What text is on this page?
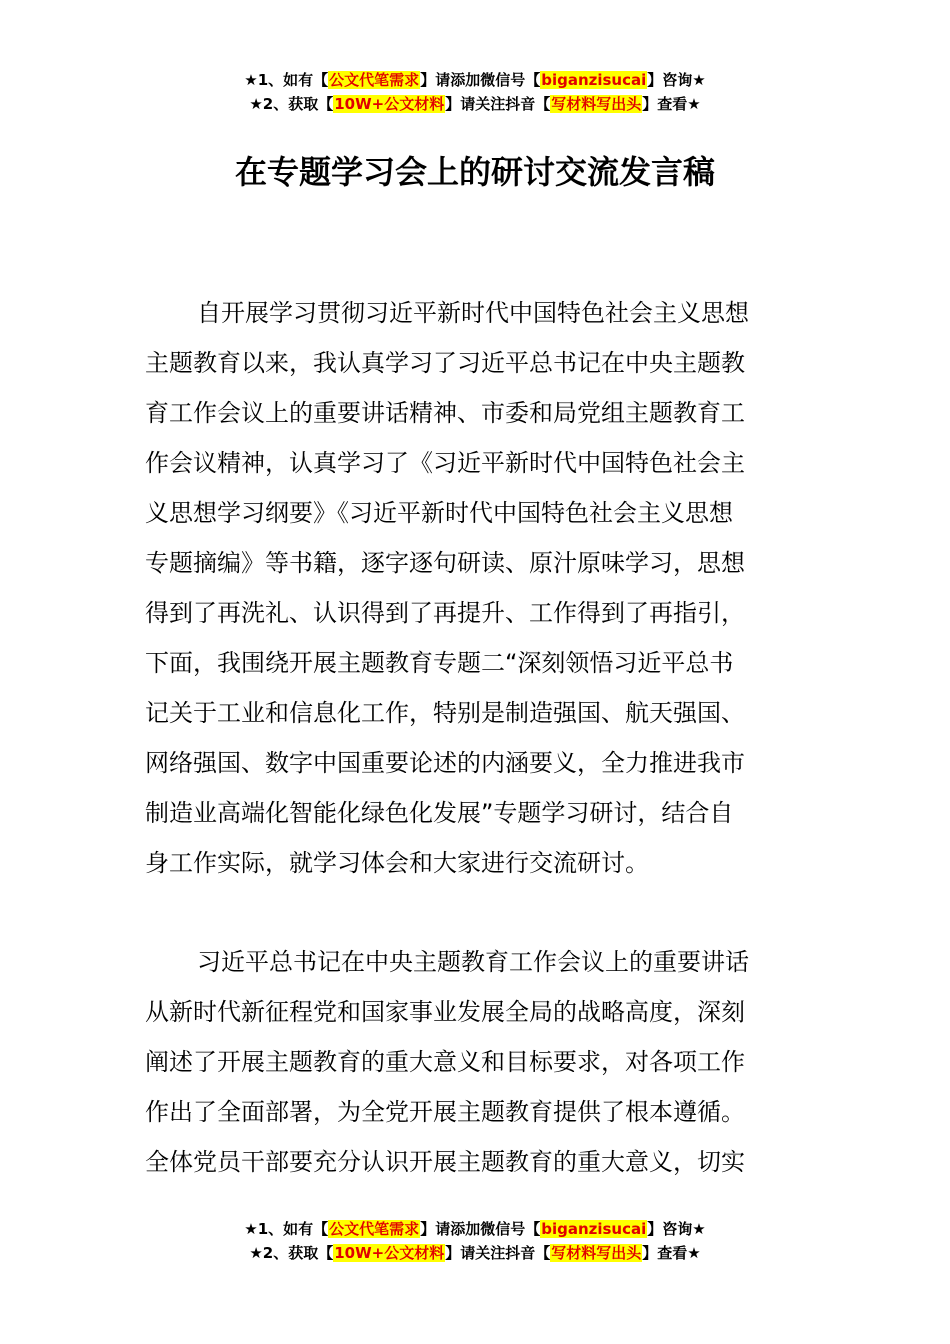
★1、如有【公文代笔需求】请添加微信号【biganzisucai】咨询★
★2、获取【10W+公文材料】请关注抖音【写材料写出头】查看★
在专题学习会上的研讨交流发言稿
自开展学习贯彻习近平新时代中国特色社会主义思想
主题教育以来，我认真学习了习近平总书记在中央主题教
育工作会议上的重要讲话精神、市委和局党组主题教育工
作会议精神，认真学习了《习近平新时代中国特色社会主
义思想学习纲要》《习近平新时代中国特色社会主义思想
专题摘编》等书籍，逐字逐句研读、原汁原味学习，思想
得到了再洗礼、认识得到了再提升、工作得到了再指引，
下面，我围绕开展主题教育专题二“深刻领悟习近平总书
记关于工业和信息化工作，特别是制造强国、航天强国、
网络强国、数字中国重要论述的内涵要义，全力推进我市
制造业高端化智能化绿色化发展”专题学习研讨，结合自
身工作实际，就学习体会和大家进行交流研讨。
习近平总书记在中央主题教育工作会议上的重要讲话
从新时代新征程党和国家事业发展全局的战略高度，深刻
阐述了开展主题教育的重大意义和目标要求，对各项工作
作出了全面部署，为全党开展主题教育提供了根本遵循。
全体党员干部要充分认识开展主题教育的重大意义，切实
★1、如有【公文代笔需求】请添加微信号【biganzisucai】咨询★
★2、获取【10W+公文材料】请关注抖音【写材料写出头】查看★
